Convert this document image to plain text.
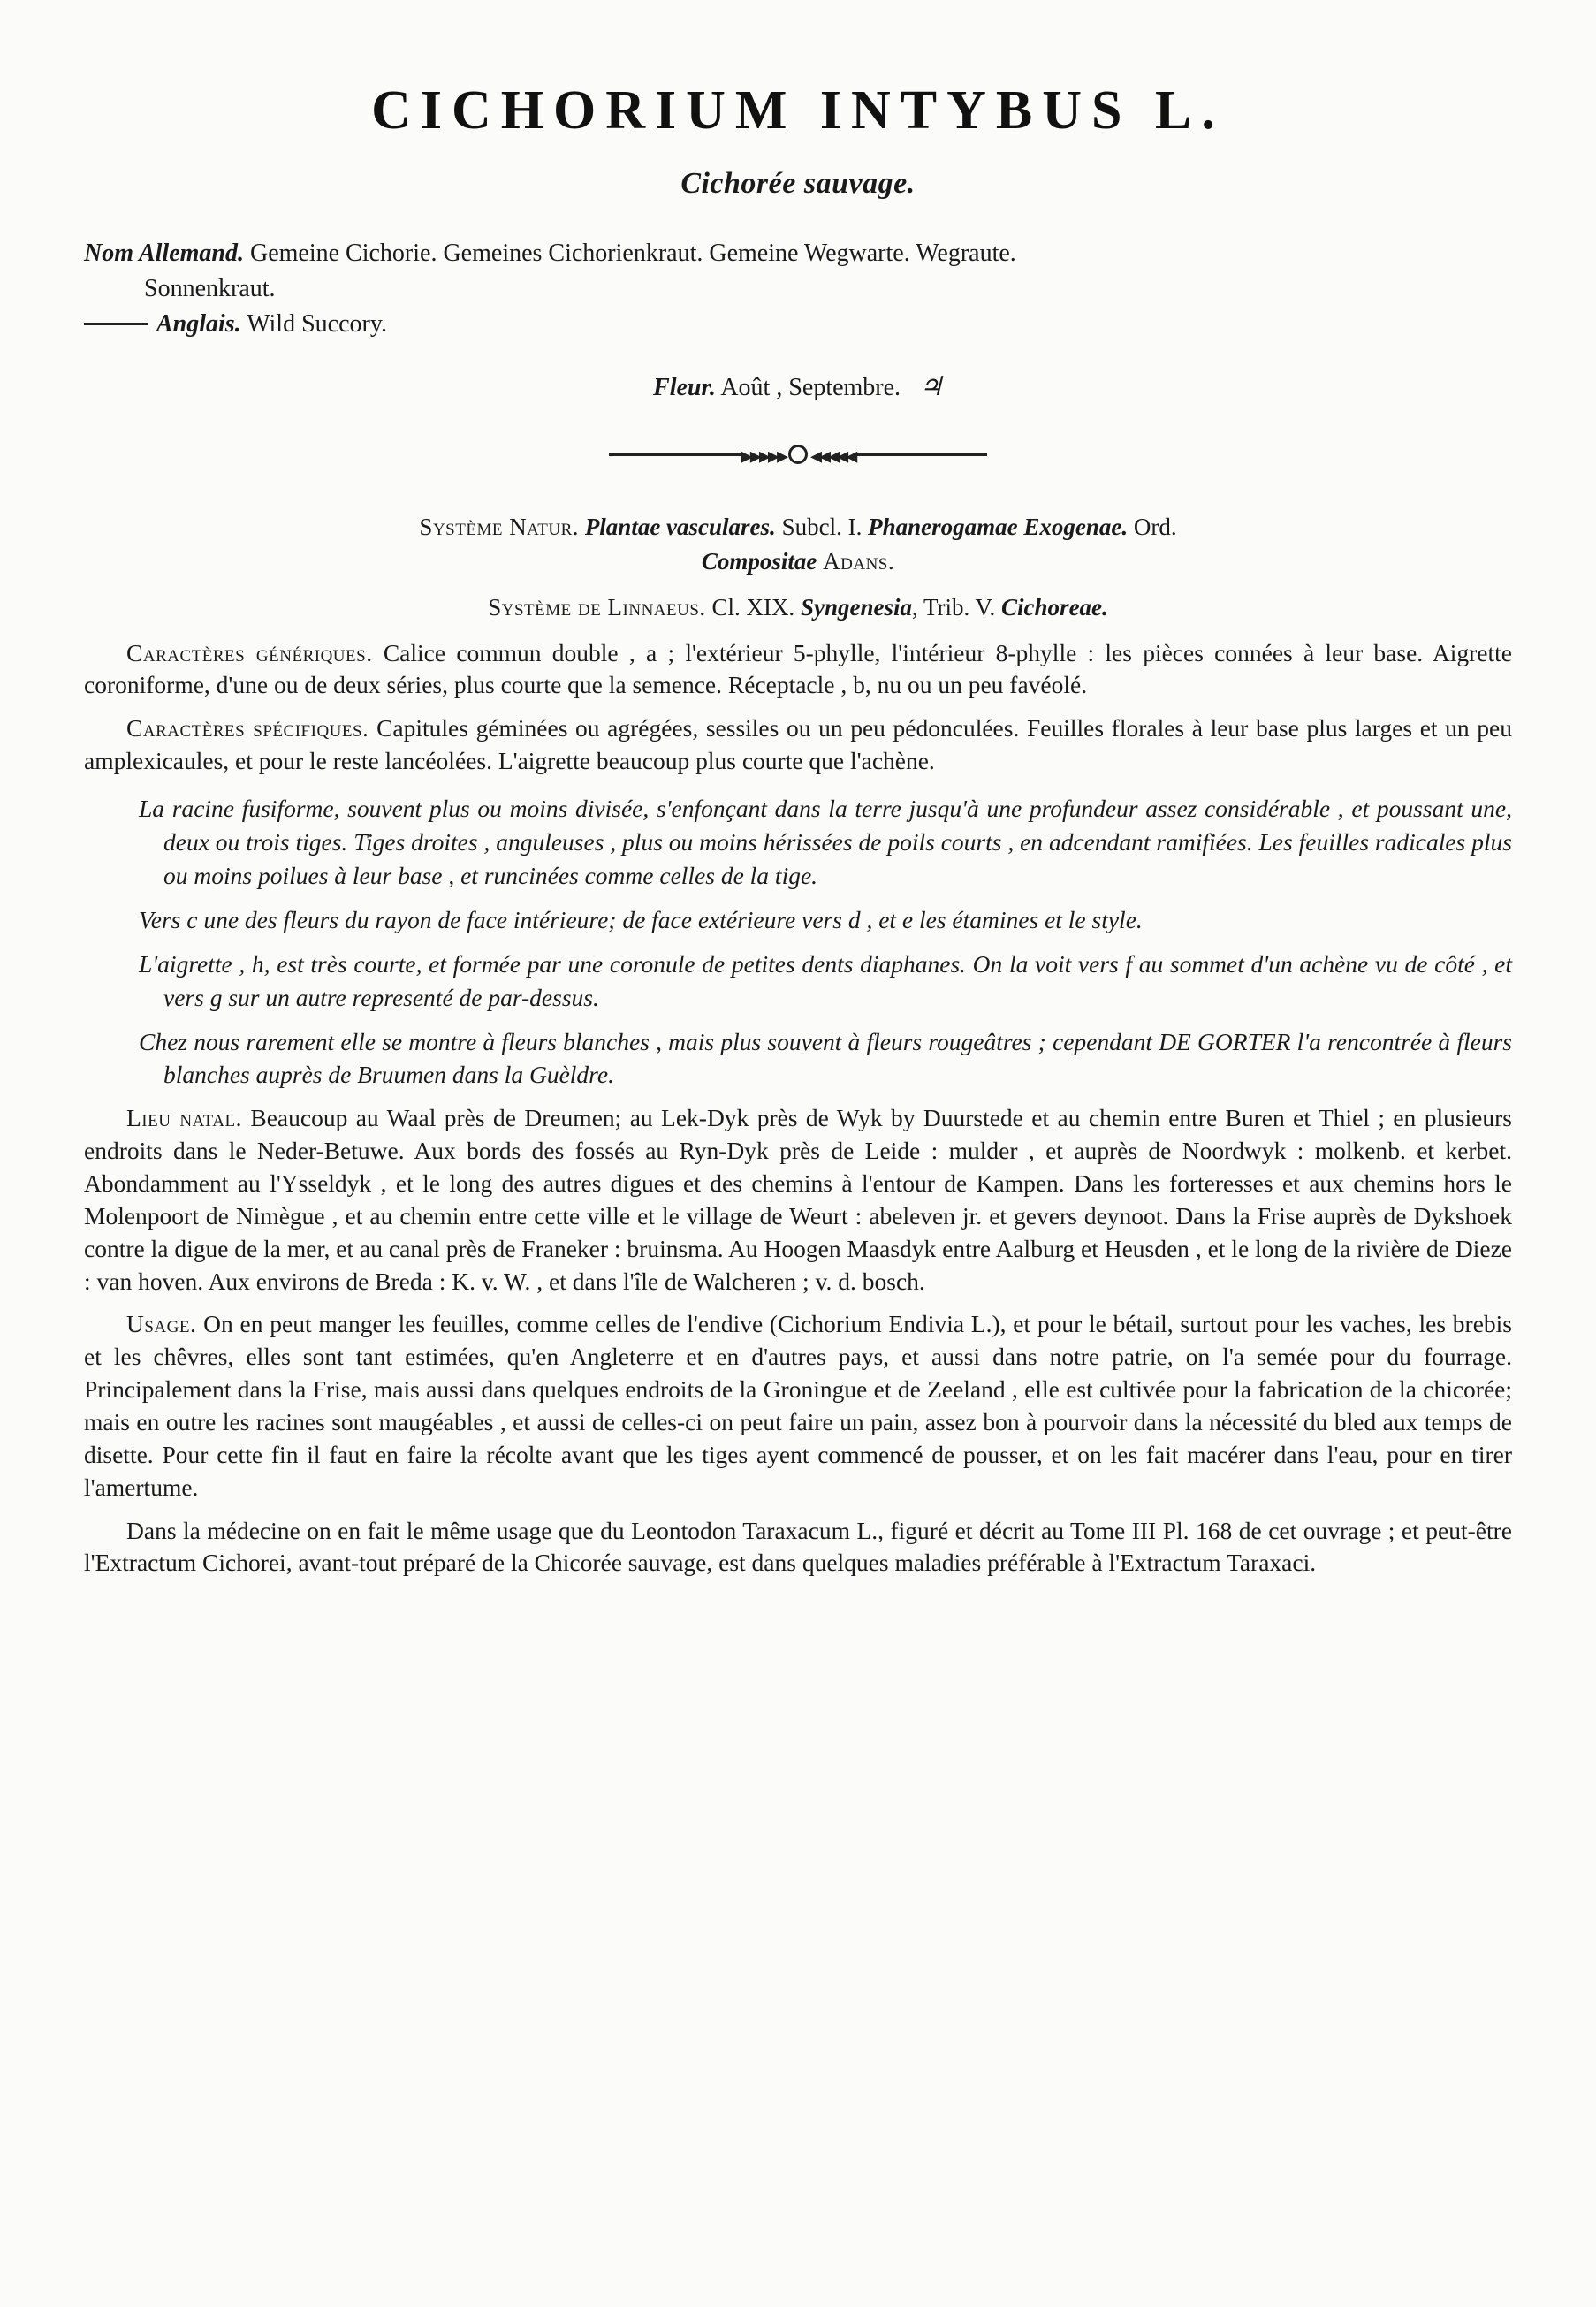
CICHORIUM INTYBUS L.
Cichorée sauvage.
Nom Allemand. Gemeine Cichorie. Gemeines Cichorienkraut. Gemeine Wegwarte. Wegraute.
Sonnenkraut.
Anglais. Wild Succory.
Fleur. Août , Septembre. ♃
▸▸▸▸▸ ◂◂◂◂◂
Système Natur. Plantae vasculares. Subcl. I. Phanerogamae Exogenae. Ord.
Compositae Adans.
Système de Linnaeus. Cl. XIX. Syngenesia, Trib. V. Cichoreae.

Caractères génériques. Calice commun double , a ; l'extérieur 5-phylle, l'intérieur 8-phylle : les pièces connées à leur base. Aigrette coroniforme, d'une ou de deux séries, plus courte que la semence. Réceptacle , b, nu ou un peu favéolé.

Caractères spécifiques. Capitules géminées ou agrégées, sessiles ou un peu pédonculées. Feuilles florales à leur base plus larges et un peu amplexicaules, et pour le reste lancéolées. L'aigrette beaucoup plus courte que l'achène.

La racine fusiforme, souvent plus ou moins divisée, s'enfonçant dans la terre jusqu'à une profundeur assez considérable , et poussant une, deux ou trois tiges. Tiges droites , anguleuses , plus ou moins hérissées de poils courts , en adcendant ramifiées. Les feuilles radicales plus ou moins poilues à leur base , et runcinées comme celles de la tige.

Vers c une des fleurs du rayon de face intérieure; de face extérieure vers d , et e les étamines et le style.

L'aigrette , h, est très courte, et formée par une coronule de petites dents diaphanes. On la voit vers f au sommet d'un achène vu de côté , et vers g sur un autre representé de par-dessus.

Chez nous rarement elle se montre à fleurs blanches , mais plus souvent à fleurs rougeâtres ; cependant DE GORTER l'a rencontrée à fleurs blanches auprès de Bruumen dans la Guèldre.

Lieu natal. Beaucoup au Waal près de Dreumen; au Lek-Dyk près de Wyk by Duurstede et au chemin entre Buren et Thiel ; en plusieurs endroits dans le Neder-Betuwe. Aux bords des fossés au Ryn-Dyk près de Leide : mulder , et auprès de Noordwyk : molkenb. et kerbet. Abondamment au l'Ysseldyk , et le long des autres digues et des chemins à l'entour de Kampen. Dans les forteresses et aux chemins hors le Molenpoort de Nimègue , et au chemin entre cette ville et le village de Weurt : abeleven jr. et gevers deynoot. Dans la Frise auprès de Dykshoek contre la digue de la mer, et au canal près de Franeker : bruinsma. Au Hoogen Maasdyk entre Aalburg et Heusden , et le long de la rivière de Dieze : van hoven. Aux environs de Breda : K. v. W. , et dans l'île de Walcheren ; v. d. bosch.

Usage. On en peut manger les feuilles, comme celles de l'endive (Cichorium Endivia L.), et pour le bétail, surtout pour les vaches, les brebis et les chêvres, elles sont tant estimées, qu'en Angleterre et en d'autres pays, et aussi dans notre patrie, on l'a semée pour du fourrage. Principalement dans la Frise, mais aussi dans quelques endroits de la Groningue et de Zeeland , elle est cultivée pour la fabrication de la chicorée; mais en outre les racines sont maugéables , et aussi de celles-ci on peut faire un pain, assez bon à pourvoir dans la nécessité du bled aux temps de disette. Pour cette fin il faut en faire la récolte avant que les tiges ayent commencé de pousser, et on les fait macérer dans l'eau, pour en tirer l'amertume.

Dans la médecine on en fait le même usage que du Leontodon Taraxacum L., figuré et décrit au Tome III Pl. 168 de cet ouvrage ; et peut-être l'Extractum Cichorei, avant-tout préparé de la Chicorée sauvage, est dans quelques maladies préférable à l'Extractum Taraxaci.
